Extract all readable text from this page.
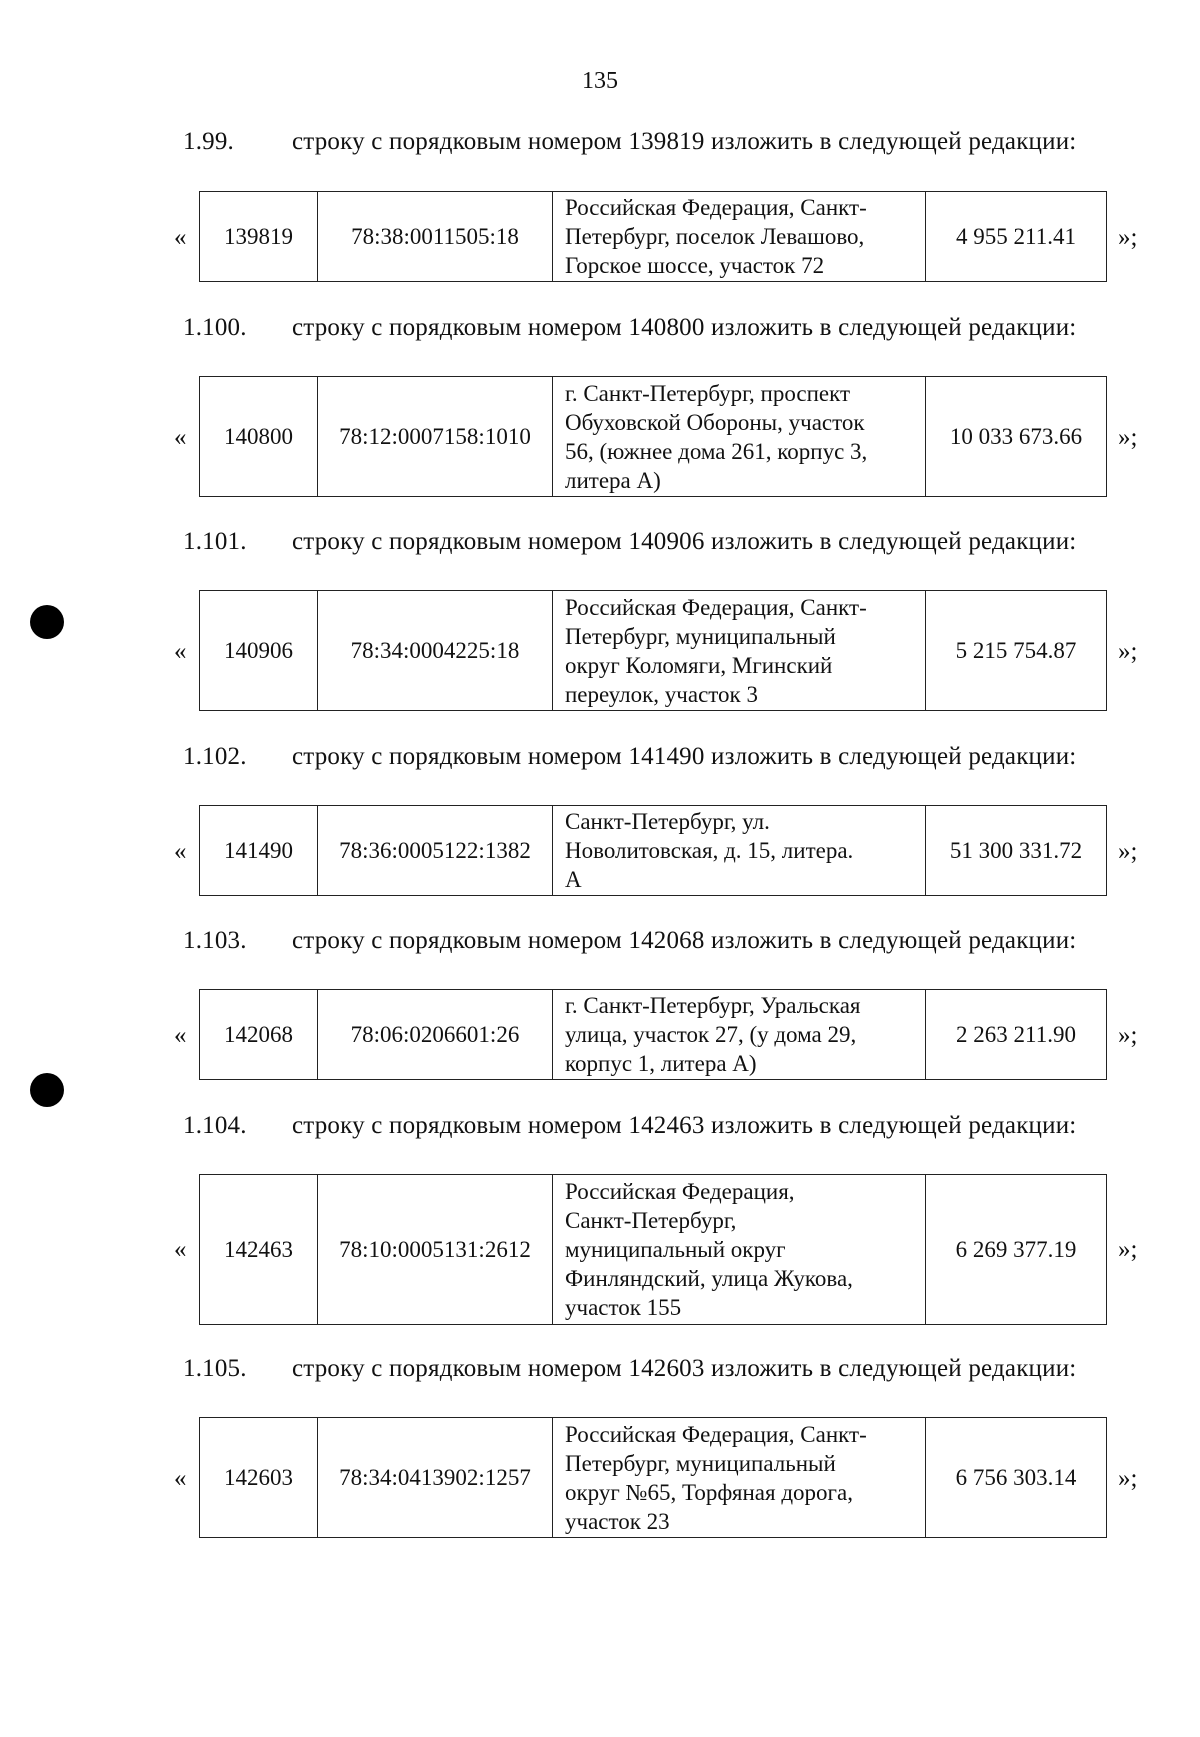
135
1.99. строку с порядковым номером 139819 изложить в следующей редакции:
« 139819	78:38:0011505:18	
Российская Федерация, Санкт-
Петербург, поселок Левашово,
Горское шоссе, участок 72
	4 955 211.41 »;
1.100. строку с порядковым номером 140800 изложить в следующей редакции:
« 140800	78:12:0007158:1010	
г. Санкт-Петербург, проспект
Обуховской Обороны, участок
56, (южнее дома 261, корпус 3,
литера А)
	10 033 673.66 »;
1.101. строку с порядковым номером 140906 изложить в следующей редакции:
« 140906	78:34:0004225:18	
Российская Федерация, Санкт-
Петербург, муниципальный
округ Коломяги, Мгинский
переулок, участок 3
	5 215 754.87 »;
1.102. строку с порядковым номером 141490 изложить в следующей редакции:
« 141490	78:36:0005122:1382	
Санкт-Петербург, ул.
Новолитовская, д. 15, литера.
А
	51 300 331.72 »;
1.103. строку с порядковым номером 142068 изложить в следующей редакции:
« 142068	78:06:0206601:26	
г. Санкт-Петербург, Уральская
улица, участок 27, (у дома 29,
корпус 1, литера А)
	2 263 211.90 »;
1.104. строку с порядковым номером 142463 изложить в следующей редакции:
« 142463	78:10:0005131:2612	
Российская Федерация,
Санкт-Петербург,
муниципальный округ
Финляндский, улица Жукова,
участок 155
	6 269 377.19 »;
1.105. строку с порядковым номером 142603 изложить в следующей редакции:
« 142603	78:34:0413902:1257	
Российская Федерация, Санкт-
Петербург, муниципальный
округ №65, Торфяная дорога,
участок 23
	6 756 303.14 »;
